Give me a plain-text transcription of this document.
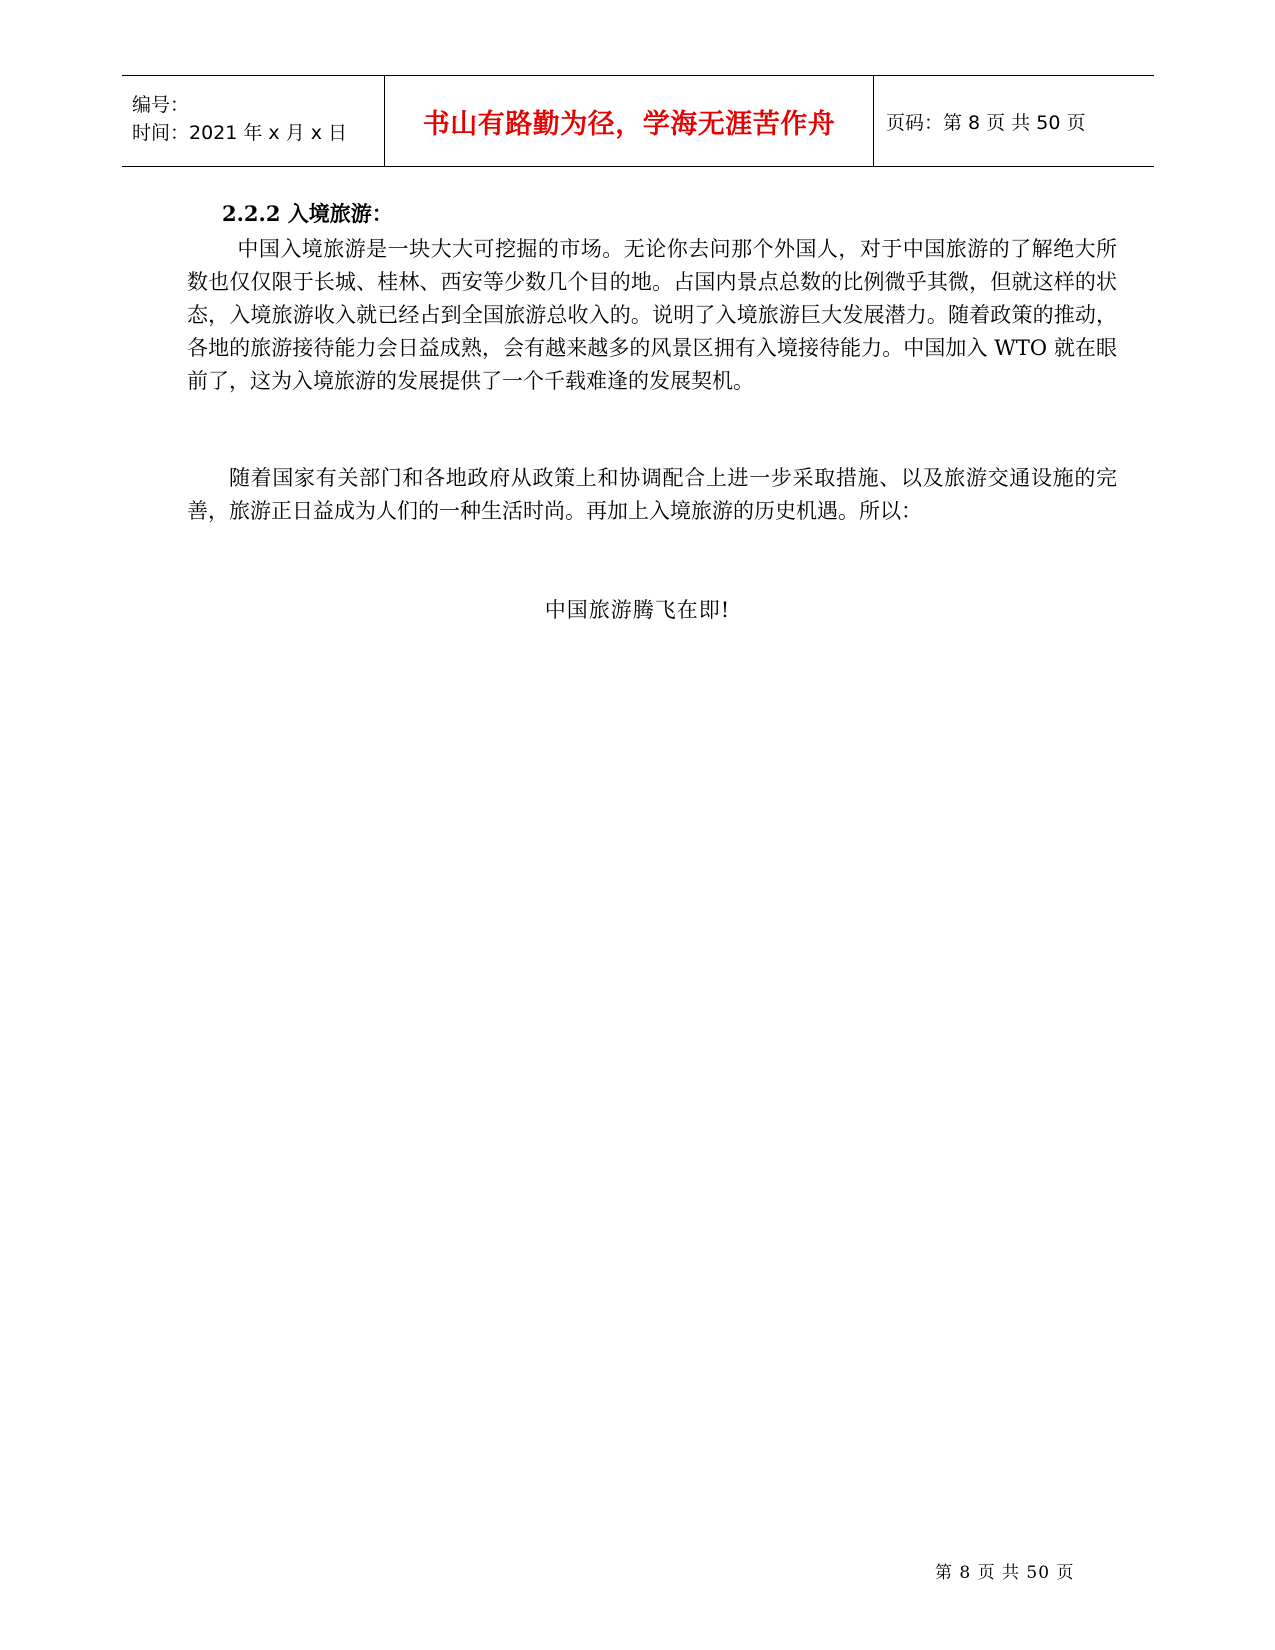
编号：
时间：2021 年 x 月 x 日	书山有路勤为径，学海无涯苦作舟	页码：第 8 页 共 50 页
2.2.2 入境旅游：

中国入境旅游是一块大大可挖掘的市场。无论你去问那个外国人，对于中国旅游的了解绝大所数也仅仅限于长城、桂林、西安等少数几个目的地。占国内景点总数的比例微乎其微，但就这样的状态，入境旅游收入就已经占到全国旅游总收入的。说明了入境旅游巨大发展潜力。随着政策的推动，各地的旅游接待能力会日益成熟，会有越来越多的风景区拥有入境接待能力。中国加入 WTO 就在眼前了，这为入境旅游的发展提供了一个千载难逢的发展契机。

随着国家有关部门和各地政府从政策上和协调配合上进一步采取措施、以及旅游交通设施的完善，旅游正日益成为人们的一种生活时尚。再加上入境旅游的历史机遇。所以：

中国旅游腾飞在即!
第 8 页 共 50 页
